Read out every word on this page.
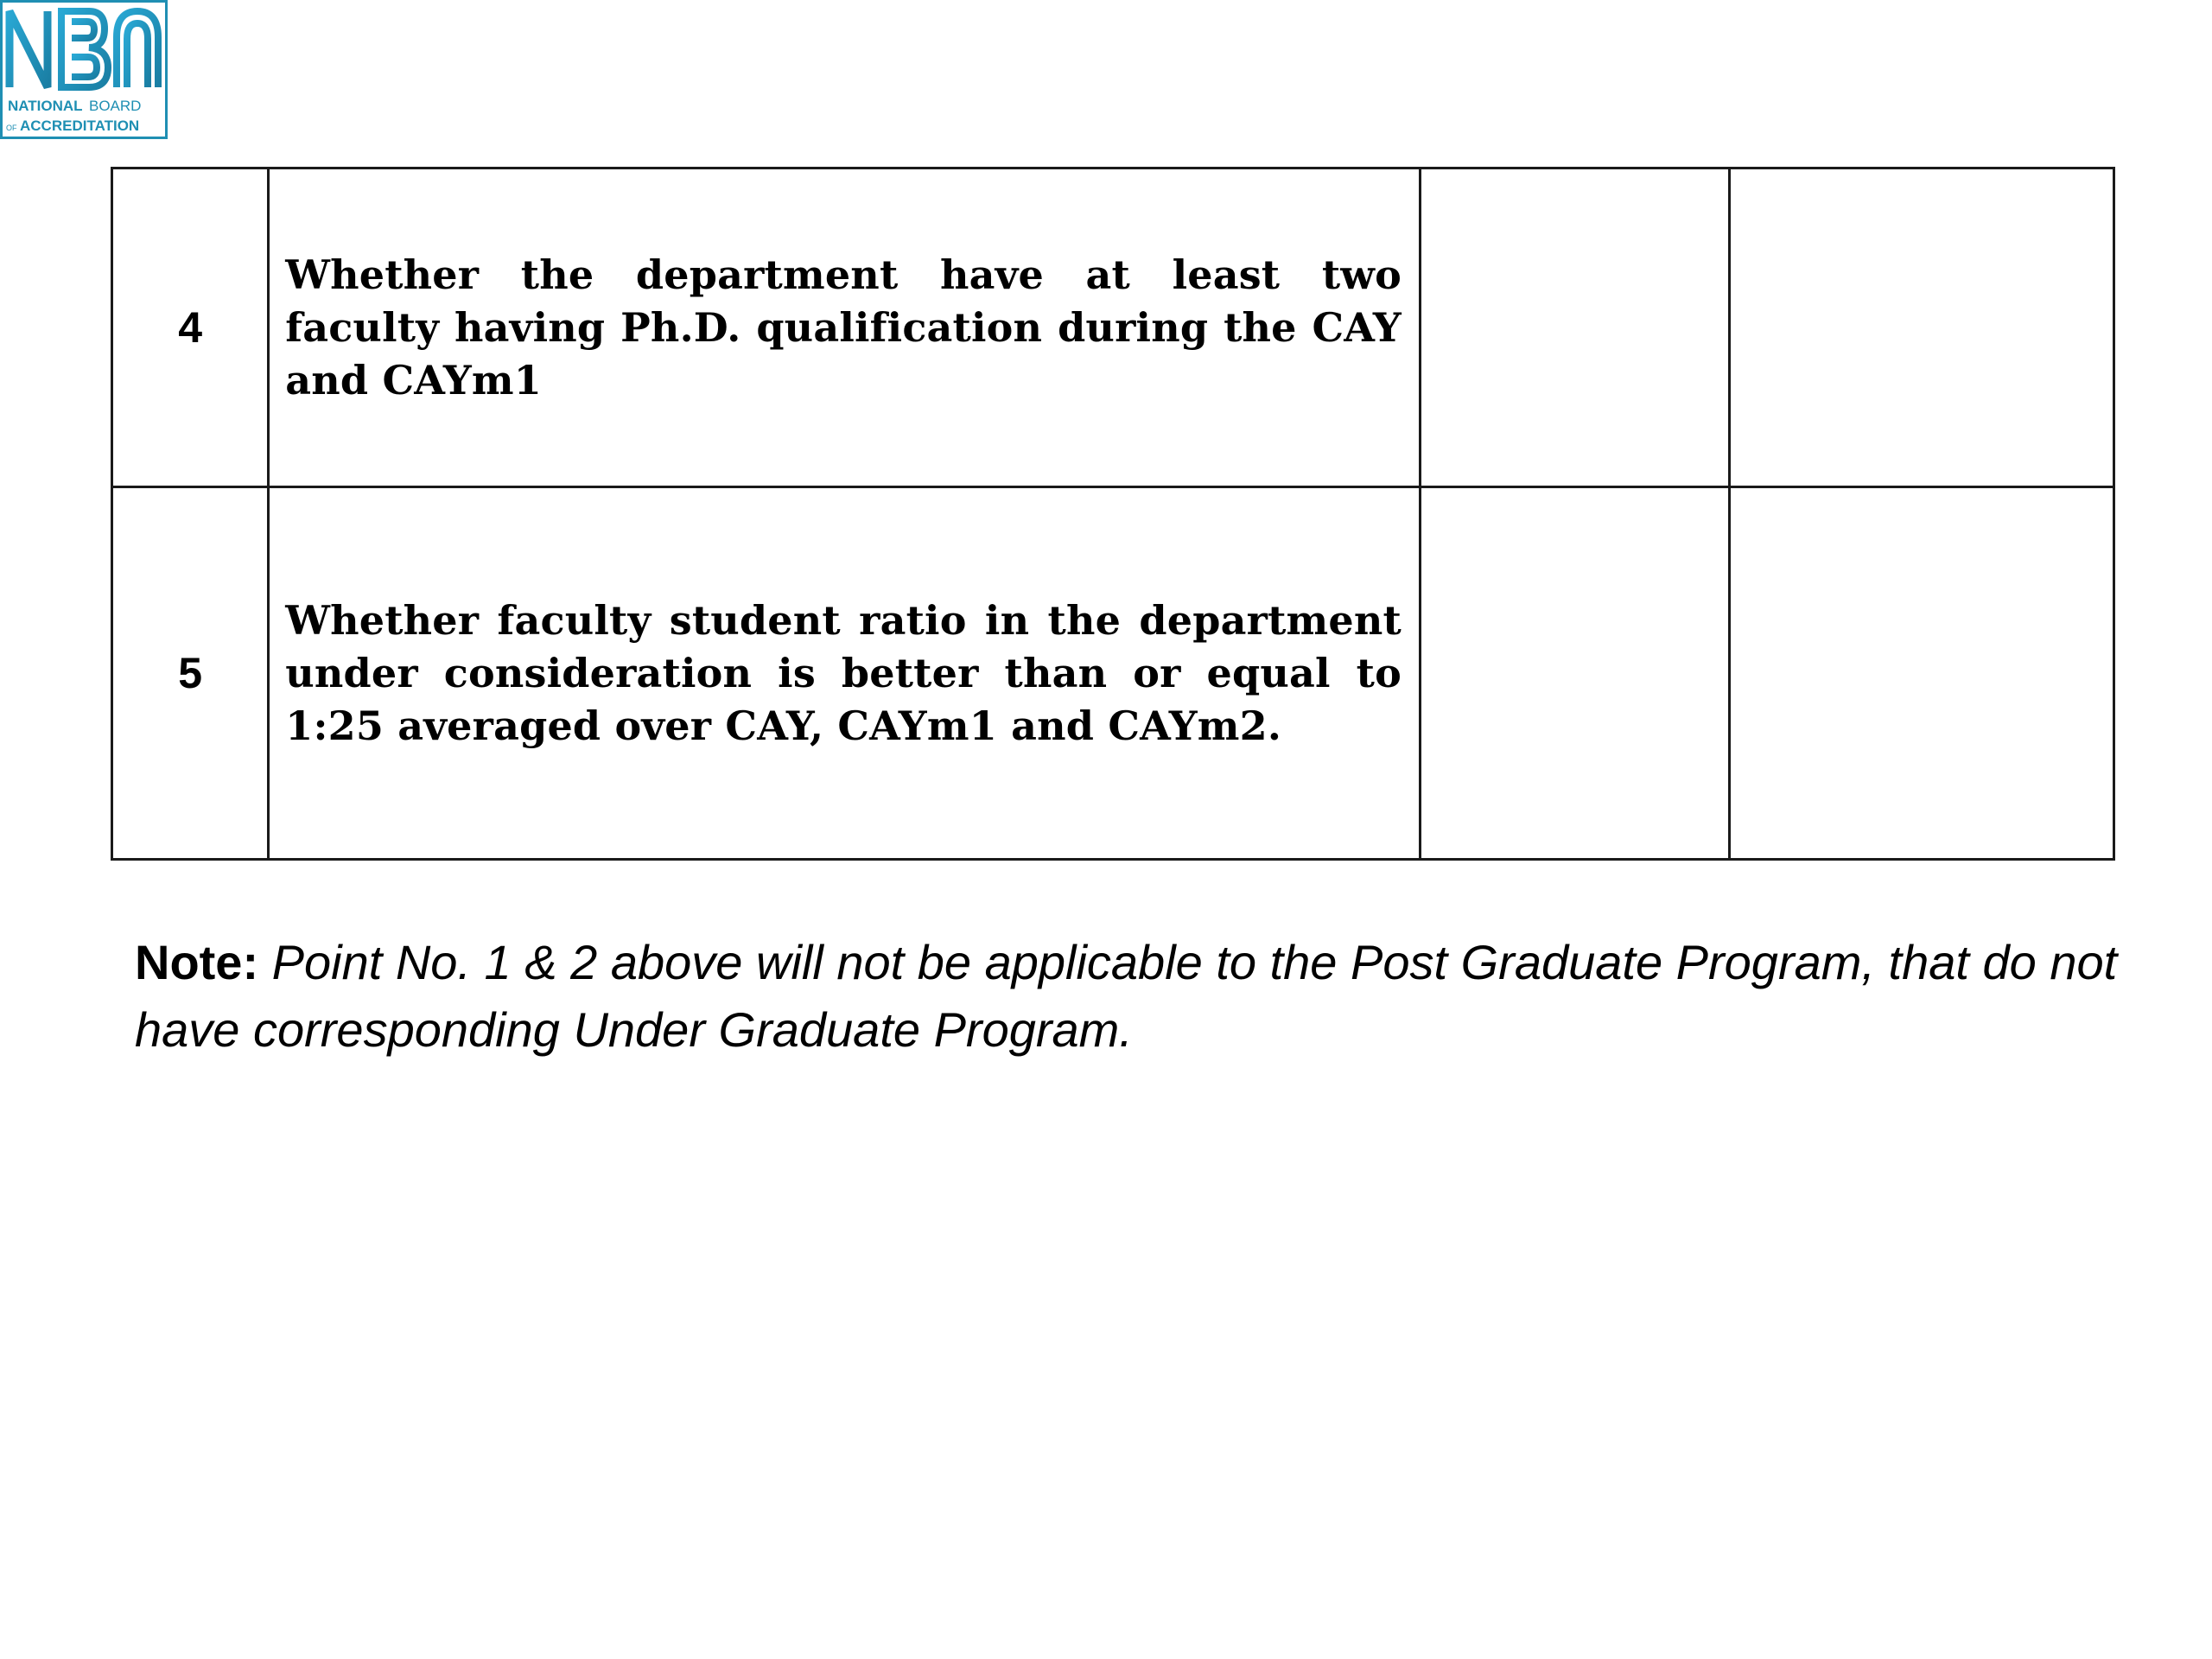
NATIONAL BOARD
OF ACCREDITATION
4	Whether the department have at least two faculty having Ph.D. qualification during the CAY and CAYm1		

5	Whether faculty student ratio in the department under consideration is better than or equal to 1:25 averaged over CAY, CAYm1 and CAYm2.		

Note: Point No. 1 & 2 above will not be applicable to the Post Graduate Program, that do not have corresponding Under Graduate Program.
